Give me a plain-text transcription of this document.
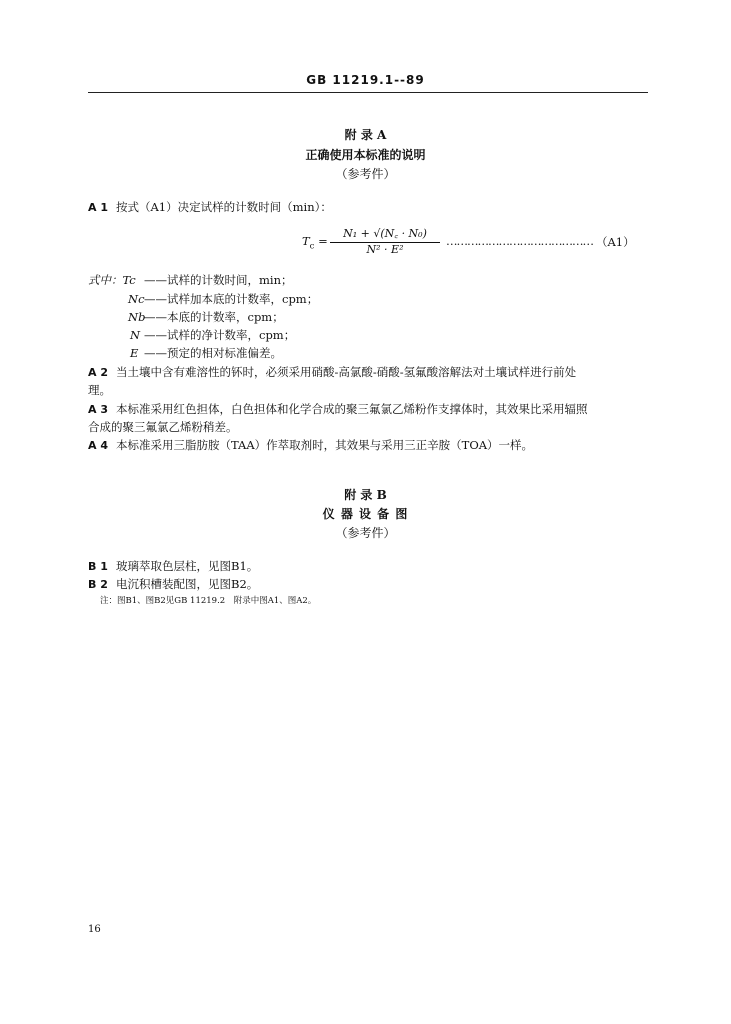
GB 11219.1--89
附 录 A
正确使用本标准的说明
（参考件）
A 1 按式（A1）决定试样的计数时间（min）：
$T_c = \frac{\text{N₁ + √(N꜀ · N₀)}}{\text{N² · E²}}$ …………………………………… （A1）
式中：Tc ——试样的计数时间，min；
Nc——试样加本底的计数率，cpm；
Nb——本底的计数率，cpm；
N ——试样的净计数率，cpm；
E ——预定的相对标准偏差。
A 2 当土壤中含有难溶性的钚时，必须采用硝酸-高氯酸-硝酸-氢氟酸溶解法对土壤试样进行前处
理。
A 3 本标准采用红色担体，白色担体和化学合成的聚三氟氯乙烯粉作支撑体时，其效果比采用辐照
合成的聚三氟氯乙烯粉稍差。
A 4 本标准采用三脂肪胺（TAA）作萃取剂时，其效果与采用三正辛胺（TOA）一样。
附 录 B
仪 器 设 备 图
（参考件）
B 1 玻璃萃取色层柱，见图B1。
B 2 电沉积槽装配图，见图B2。
注：图B1、图B2见GB 11219.2　附录中图A1、图A2。
16
